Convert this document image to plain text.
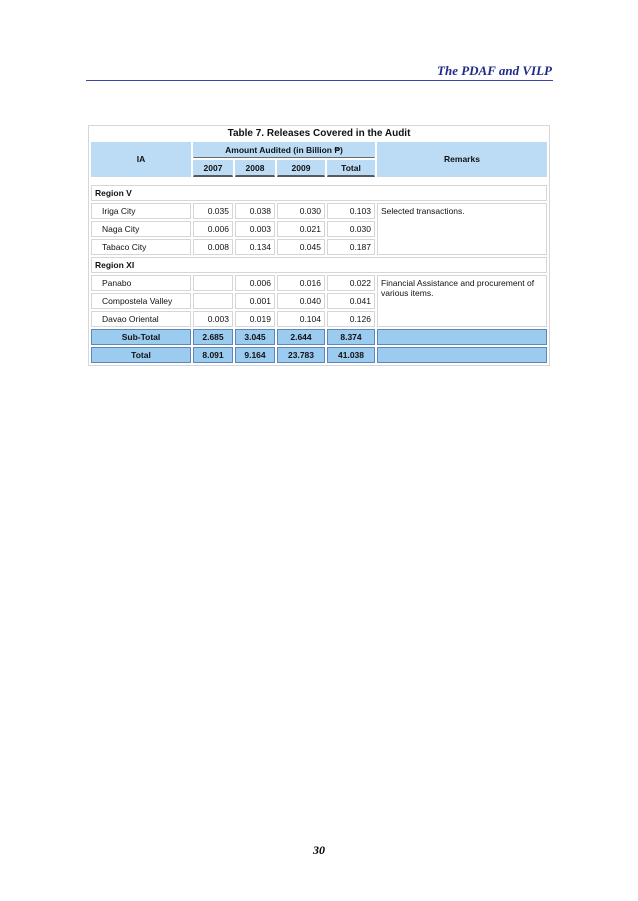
The PDAF and VILP
Table 7. Releases Covered in the Audit					
IA	Amount Audited (in Billion ₱)				Remarks
	2007	2008	2009	Total	

Region V					
Iriga City	0.035	0.038	0.030	0.103	Selected transactions.
Naga City	0.006	0.003	0.021	0.030	
Tabaco City	0.008	0.134	0.045	0.187	
Region XI					
Panabo		0.006	0.016	0.022	Financial Assistance and procurement of various items.
Compostela Valley		0.001	0.040	0.041	
Davao Oriental	0.003	0.019	0.104	0.126	
Sub-Total	2.685	3.045	2.644	8.374	
Total	8.091	9.164	23.783	41.038	
30
